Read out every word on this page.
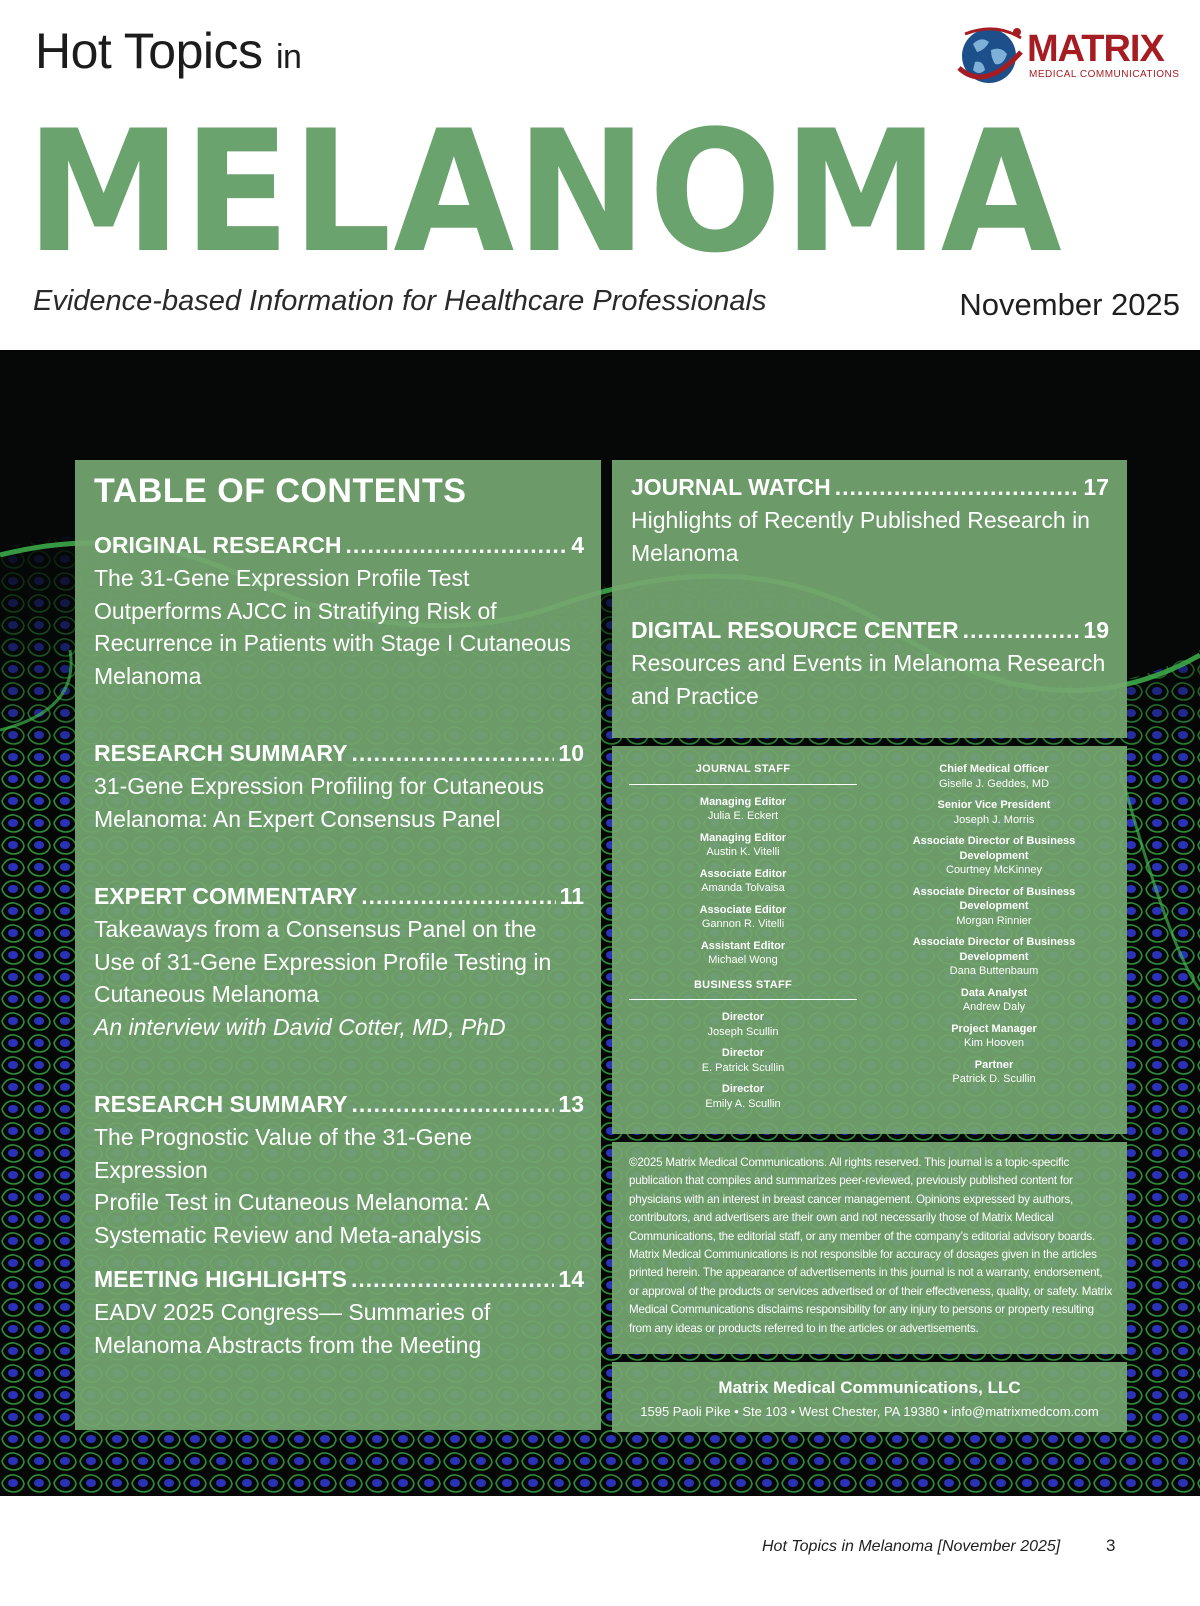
Hot Topics in	MATRIX
MEDICAL COMMUNICATIONS
MELANOMA
Evidence-based Information for Healthcare Professionals	November 2025
TABLE OF CONTENTS
ORIGINAL RESEARCH .....	4
The 31-Gene Expression Profile Test
Outperforms AJCC in Stratifying Risk of
Recurrence in Patients with Stage I Cutaneous
Melanoma
RESEARCH SUMMARY .....	10
31-Gene Expression Profiling for Cutaneous
Melanoma: An Expert Consensus Panel
EXPERT COMMENTARY .....	11
Takeaways from a Consensus Panel on the
Use of 31-Gene Expression Profile Testing in
Cutaneous Melanoma
An interview with David Cotter, MD, PhD
RESEARCH SUMMARY .....	13
The Prognostic Value of the 31-Gene Expression
Profile Test in Cutaneous Melanoma: A
Systematic Review and Meta-analysis
MEETING HIGHLIGHTS .....	14
EADV 2025 Congress— Summaries of
Melanoma Abstracts from the Meeting
JOURNAL WATCH .....	17
Highlights of Recently Published Research in
Melanoma
DIGITAL RESOURCE CENTER .....	19
Resources and Events in Melanoma Research
and Practice
JOURNAL STAFF
Managing Editor
Julia E. Eckert
Managing Editor
Austin K. Vitelli
Associate Editor
Amanda Tolvaisa
Associate Editor
Gannon R. Vitelli
Assistant Editor
Michael Wong
BUSINESS STAFF
Director
Joseph Scullin
Director
E. Patrick Scullin
Director
Emily A. Scullin
Chief Medical Officer
Giselle J. Geddes, MD
Senior Vice President
Joseph J. Morris
Associate Director of Business Development
Courtney McKinney
Associate Director of Business Development
Morgan Rinnier
Associate Director of Business Development
Dana Buttenbaum
Data Analyst
Andrew Daly
Project Manager
Kim Hooven
Partner
Patrick D. Scullin

©2025 Matrix Medical Communications. All rights reserved. This journal is a topic-specific publication that compiles and summarizes peer-reviewed, previously published content for physicians with an interest in breast cancer management. Opinions expressed by authors, contributors, and advertisers are their own and not necessarily those of Matrix Medical Communications, the editorial staff, or any member of the company’s editorial advisory boards. Matrix Medical Communications is not responsible for accuracy of dosages given in the articles printed herein. The appearance of advertisements in this journal is not a warranty, endorsement, or approval of the products or services advertised or of their effectiveness, quality, or safety. Matrix Medical Communications disclaims responsibility for any injury to persons or property resulting from any ideas or products referred to in the articles or advertisements.

Matrix Medical Communications, LLC
1595 Paoli Pike • Ste 103 • West Chester, PA 19380 • info@matrixmedcom.com
Hot Topics in Melanoma [November 2025]	3
